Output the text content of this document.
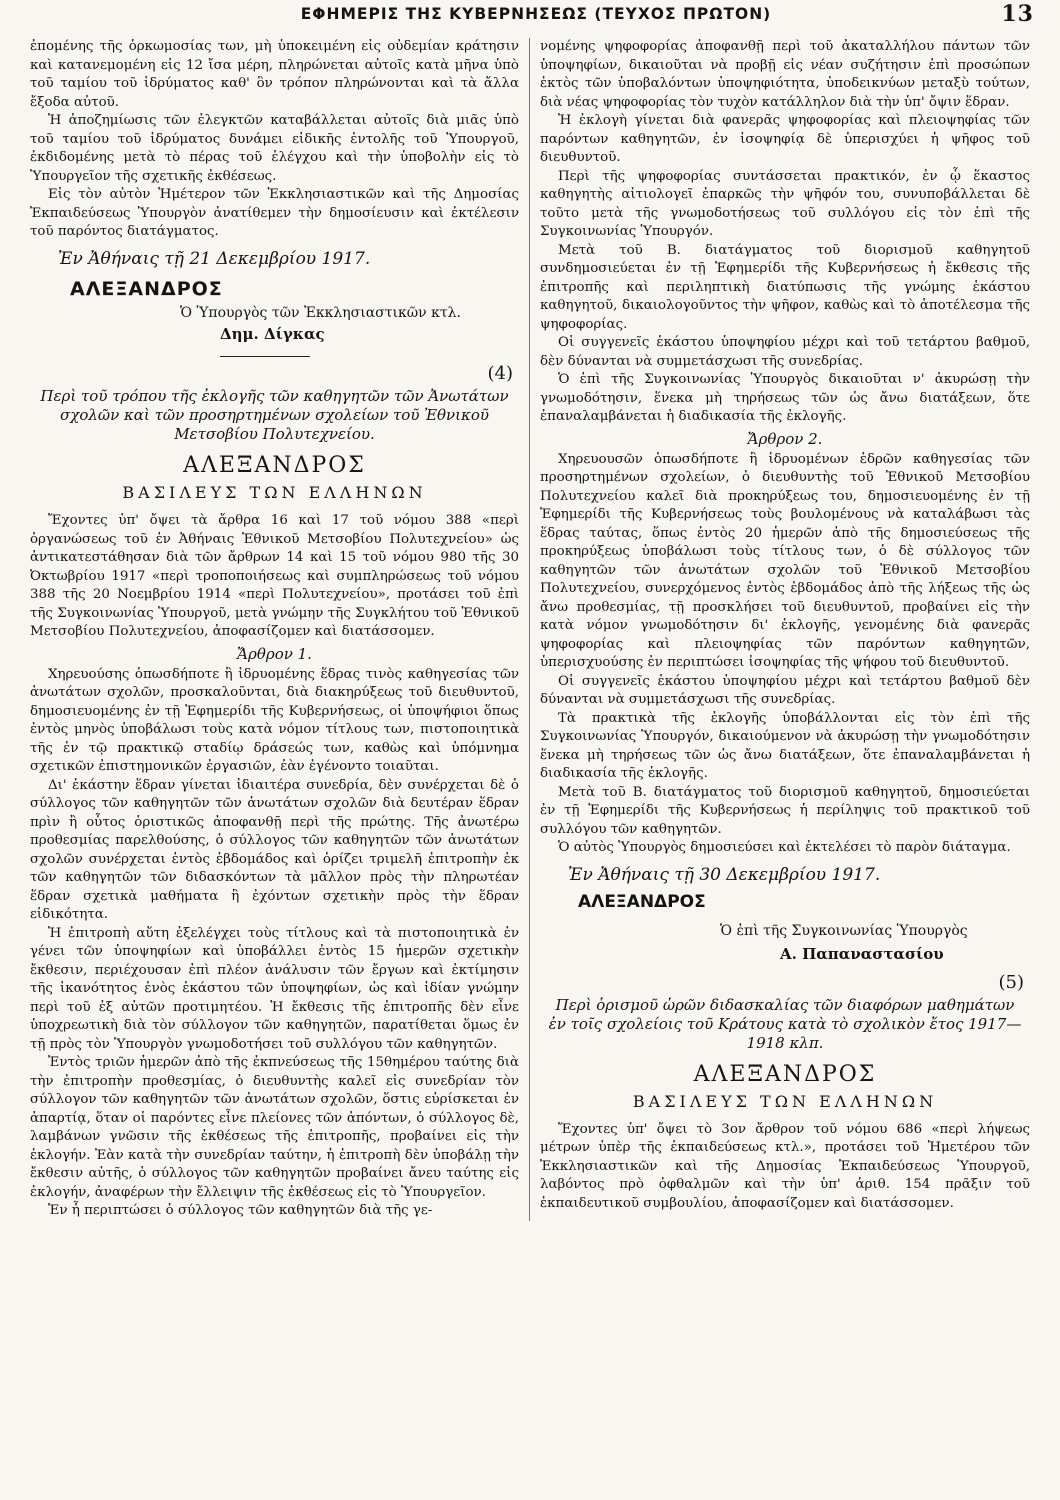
ΕΦΗΜΕΡΙΣ ΤΗΣ ΚΥΒΕΡΝΗΣΕΩΣ (ΤΕΥΧΟΣ ΠΡΩΤΟΝ)	13

ἐπομένης τῆς ὁρκωμοσίας των, μὴ ὑποκειμένη εἰς οὐδεμίαν κράτησιν καὶ κατανεμομένη εἰς 12 ἴσα μέρη, πληρώνεται αὐτοῖς κατὰ μῆνα ὑπὸ τοῦ ταμίου τοῦ ἱδρύματος καθ' ὃν τρόπον πληρώνονται καὶ τὰ ἄλλα ἔξοδα αὐτοῦ.

Ἡ ἀποζημίωσις τῶν ἐλεγκτῶν καταβάλλεται αὐτοῖς διὰ μιᾶς ὑπὸ τοῦ ταμίου τοῦ ἱδρύματος δυνάμει εἰδικῆς ἐντολῆς τοῦ Ὑπουργοῦ, ἐκδιδομένης μετὰ τὸ πέρας τοῦ ἐλέγχου καὶ τὴν ὑποβολὴν εἰς τὸ Ὑπουργεῖον τῆς σχετικῆς ἐκθέσεως.

Εἰς τὸν αὐτὸν Ἡμέτερον τῶν Ἐκκλησιαστικῶν καὶ τῆς Δημοσίας Ἐκπαιδεύσεως Ὑπουργὸν ἀνατίθεμεν τὴν δημοσίευσιν καὶ ἐκτέλεσιν τοῦ παρόντος διατάγματος.

Ἐν Ἀθήναις τῇ 21 Δεκεμβρίου 1917.
ΑΛΕΞΑΝΔΡΟΣ

Ὁ Ὑπουργὸς τῶν Ἐκκλησιαστικῶν κτλ.

Δημ. Δίγκας
(4)

Περὶ τοῦ τρόπου τῆς ἐκλογῆς τῶν καθηγητῶν τῶν Ἀνωτάτων σχολῶν καὶ τῶν προσηρτημένων σχολείων τοῦ Ἐθνικοῦ Μετσοβίου Πολυτεχνείου.

ΑΛΕΞΑΝΔΡΟΣ
ΒΑΣΙΛΕΥΣ ΤΩΝ ΕΛΛΗΝΩΝ

Ἔχοντες ὑπ' ὄψει τὰ ἄρθρα 16 καὶ 17 τοῦ νόμου 388 «περὶ ὀργανώσεως τοῦ ἐν Ἀθήναις Ἐθνικοῦ Μετσοβίου Πολυτεχνείου» ὡς ἀντικατεστάθησαν διὰ τῶν ἄρθρων 14 καὶ 15 τοῦ νόμου 980 τῆς 30 Ὀκτωβρίου 1917 «περὶ τροποποιήσεως καὶ συμπληρώσεως τοῦ νόμου 388 τῆς 20 Νοεμβρίου 1914 «περὶ Πολυτεχνείου», προτάσει τοῦ ἐπὶ τῆς Συγκοινωνίας Ὑπουργοῦ, μετὰ γνώμην τῆς Συγκλήτου τοῦ Ἐθνικοῦ Μετσοβίου Πολυτεχνείου, ἀποφασίζομεν καὶ διατάσσομεν.

Ἄρθρον 1.

Χηρευούσης ὁπωσδήποτε ἢ ἱδρυομένης ἕδρας τινὸς καθηγεσίας τῶν ἀνωτάτων σχολῶν, προσκαλοῦνται, διὰ διακηρύξεως τοῦ διευθυντοῦ, δημοσιευομένης ἐν τῇ Ἐφημερίδι τῆς Κυβερνήσεως, οἱ ὑποψήφιοι ὅπως ἐντὸς μηνὸς ὑποβάλωσι τοὺς κατὰ νόμον τίτλους των, πιστοποιητικὰ τῆς ἐν τῷ πρακτικῷ σταδίῳ δράσεώς των, καθὼς καὶ ὑπόμνημα σχετικῶν ἐπιστημονικῶν ἐργασιῶν, ἐὰν ἐγένοντο τοιαῦται.

Δι' ἑκάστην ἕδραν γίνεται ἰδιαιτέρα συνεδρία, δὲν συνέρχεται δὲ ὁ σύλλογος τῶν καθηγητῶν τῶν ἀνωτάτων σχολῶν διὰ δευτέραν ἕδραν πρὶν ἢ οὗτος ὁριστικῶς ἀποφανθῇ περὶ τῆς πρώτης. Τῆς ἀνωτέρω προθεσμίας παρελθούσης, ὁ σύλλογος τῶν καθηγητῶν τῶν ἀνωτάτων σχολῶν συνέρχεται ἐντὸς ἑβδομάδος καὶ ὁρίζει τριμελῆ ἐπιτροπὴν ἐκ τῶν καθηγητῶν τῶν διδασκόντων τὰ μᾶλλον πρὸς τὴν πληρωτέαν ἕδραν σχετικὰ μαθήματα ἢ ἐχόντων σχετικὴν πρὸς τὴν ἕδραν εἰδικότητα.

Ἡ ἐπιτροπὴ αὕτη ἐξελέγχει τοὺς τίτλους καὶ τὰ πιστοποιητικὰ ἐν γένει τῶν ὑποψηφίων καὶ ὑποβάλλει ἐντὸς 15 ἡμερῶν σχετικὴν ἔκθεσιν, περιέχουσαν ἐπὶ πλέον ἀνάλυσιν τῶν ἔργων καὶ ἐκτίμησιν τῆς ἱκανότητος ἑνὸς ἑκάστου τῶν ὑποψηφίων, ὡς καὶ ἰδίαν γνώμην περὶ τοῦ ἐξ αὐτῶν προτιμητέου. Ἡ ἔκθεσις τῆς ἐπιτροπῆς δὲν εἶνε ὑποχρεωτικὴ διὰ τὸν σύλλογον τῶν καθηγητῶν, παρατίθεται ὅμως ἐν τῇ πρὸς τὸν Ὑπουργὸν γνωμοδοτήσει τοῦ συλλόγου τῶν καθηγητῶν.

Ἐντὸς τριῶν ἡμερῶν ἀπὸ τῆς ἐκπνεύσεως τῆς 15θημέρου ταύτης διὰ τὴν ἐπιτροπὴν προθεσμίας, ὁ διευθυντὴς καλεῖ εἰς συνεδρίαν τὸν σύλλογον τῶν καθηγητῶν τῶν ἀνωτάτων σχολῶν, ὅστις εὑρίσκεται ἐν ἀπαρτίᾳ, ὅταν οἱ παρόντες εἶνε πλείονες τῶν ἀπόντων, ὁ σύλλογος δὲ, λαμβάνων γνῶσιν τῆς ἐκθέσεως τῆς ἐπιτροπῆς, προβαίνει εἰς τὴν ἐκλογήν. Ἐὰν κατὰ τὴν συνεδρίαν ταύτην, ἡ ἐπιτροπὴ δὲν ὑποβάλῃ τὴν ἔκθεσιν αὐτῆς, ὁ σύλλογος τῶν καθηγητῶν προβαίνει ἄνευ ταύτης εἰς ἐκλογήν, ἀναφέρων τὴν ἔλλειψιν τῆς ἐκθέσεως εἰς τὸ Ὑπουργεῖον.

Ἐν ἧ περιπτώσει ὁ σύλλογος τῶν καθηγητῶν διὰ τῆς γε-

νομένης ψηφοφορίας ἀποφανθῇ περὶ τοῦ ἀκαταλλήλου πάντων τῶν ὑποψηφίων, δικαιοῦται νὰ προβῇ εἰς νέαν συζήτησιν ἐπὶ προσώπων ἐκτὸς τῶν ὑποβαλόντων ὑποψηφιότητα, ὑποδεικνύων μεταξὺ τούτων, διὰ νέας ψηφοφορίας τὸν τυχὸν κατάλληλον διὰ τὴν ὑπ' ὄψιν ἕδραν.

Ἡ ἐκλογὴ γίνεται διὰ φανερᾶς ψηφοφορίας καὶ πλειοψηφίας τῶν παρόντων καθηγητῶν, ἐν ἰσοψηφίᾳ δὲ ὑπερισχύει ἡ ψῆφος τοῦ διευθυντοῦ.

Περὶ τῆς ψηφοφορίας συντάσσεται πρακτικόν, ἐν ᾧ ἕκαστος καθηγητὴς αἰτιολογεῖ ἐπαρκῶς τὴν ψῆφόν του, συνυποβάλλεται δὲ τοῦτο μετὰ τῆς γνωμοδοτήσεως τοῦ συλλόγου εἰς τὸν ἐπὶ τῆς Συγκοινωνίας Ὑπουργόν.

Μετὰ τοῦ Β. διατάγματος τοῦ διορισμοῦ καθηγητοῦ συνδημοσιεύεται ἐν τῇ Ἐφημερίδι τῆς Κυβερνήσεως ἡ ἔκθεσις τῆς ἐπιτροπῆς καὶ περιληπτικὴ διατύπωσις τῆς γνώμης ἑκάστου καθηγητοῦ, δικαιολογοῦντος τὴν ψῆφον, καθὼς καὶ τὸ ἀποτέλεσμα τῆς ψηφοφορίας.

Οἱ συγγενεῖς ἑκάστου ὑποψηφίου μέχρι καὶ τοῦ τετάρτου βαθμοῦ, δὲν δύνανται νὰ συμμετάσχωσι τῆς συνεδρίας.

Ὁ ἐπὶ τῆς Συγκοινωνίας Ὑπουργὸς δικαιοῦται ν' ἀκυρώσῃ τὴν γνωμοδότησιν, ἕνεκα μὴ τηρήσεως τῶν ὡς ἄνω διατάξεων, ὅτε ἐπαναλαμβάνεται ἡ διαδικασία τῆς ἐκλογῆς.

Ἄρθρον 2.

Χηρευουσῶν ὁπωσδήποτε ἢ ἱδρυομένων ἑδρῶν καθηγεσίας τῶν προσηρτημένων σχολείων, ὁ διευθυντὴς τοῦ Ἐθνικοῦ Μετσοβίου Πολυτεχνείου καλεῖ διὰ προκηρύξεως του, δημοσιευομένης ἐν τῇ Ἐφημερίδι τῆς Κυβερνήσεως τοὺς βουλομένους νὰ καταλάβωσι τὰς ἕδρας ταύτας, ὅπως ἐντὸς 20 ἡμερῶν ἀπὸ τῆς δημοσιεύσεως τῆς προκηρύξεως ὑποβάλωσι τοὺς τίτλους των, ὁ δὲ σύλλογος τῶν καθηγητῶν τῶν ἀνωτάτων σχολῶν τοῦ Ἐθνικοῦ Μετσοβίου Πολυτεχνείου, συνερχόμενος ἐντὸς ἑβδομάδος ἀπὸ τῆς λήξεως τῆς ὡς ἄνω προθεσμίας, τῇ προσκλήσει τοῦ διευθυντοῦ, προβαίνει εἰς τὴν κατὰ νόμον γνωμοδότησιν δι' ἐκλογῆς, γενομένης διὰ φανερᾶς ψηφοφορίας καὶ πλειοψηφίας τῶν παρόντων καθηγητῶν, ὑπερισχυούσης ἐν περιπτώσει ἰσοψηφίας τῆς ψήφου τοῦ διευθυντοῦ.

Οἱ συγγενεῖς ἑκάστου ὑποψηφίου μέχρι καὶ τετάρτου βαθμοῦ δὲν δύνανται νὰ συμμετάσχωσι τῆς συνεδρίας.

Τὰ πρακτικὰ τῆς ἐκλογῆς ὑποβάλλονται εἰς τὸν ἐπὶ τῆς Συγκοινωνίας Ὑπουργόν, δικαιούμενον νὰ ἀκυρώσῃ τὴν γνωμοδότησιν ἕνεκα μὴ τηρήσεως τῶν ὡς ἄνω διατάξεων, ὅτε ἐπαναλαμβάνεται ἡ διαδικασία τῆς ἐκλογῆς.

Μετὰ τοῦ Β. διατάγματος τοῦ διορισμοῦ καθηγητοῦ, δημοσιεύεται ἐν τῇ Ἐφημερίδι τῆς Κυβερνήσεως ἡ περίληψις τοῦ πρακτικοῦ τοῦ συλλόγου τῶν καθηγητῶν.

Ὁ αὐτὸς Ὑπουργὸς δημοσιεύσει καὶ ἐκτελέσει τὸ παρὸν διάταγμα.

Ἐν Ἀθήναις τῇ 30 Δεκεμβρίου 1917.
ΑΛΕΞΑΝΔΡΟΣ
Ὁ ἐπὶ τῆς Συγκοινωνίας Ὑπουργὸς
Α. Παπαναστασίου
(5)

Περὶ ὁρισμοῦ ὡρῶν διδασκαλίας τῶν διαφόρων μαθημάτων ἐν τοῖς σχολείοις τοῦ Κράτους κατὰ τὸ σχολικὸν ἔτος 1917—1918 κλπ.

ΑΛΕΞΑΝΔΡΟΣ
ΒΑΣΙΛΕΥΣ ΤΩΝ ΕΛΛΗΝΩΝ

Ἔχοντες ὑπ' ὄψει τὸ 3ον ἄρθρον τοῦ νόμου 686 «περὶ λήψεως μέτρων ὑπὲρ τῆς ἐκπαιδεύσεως κτλ.», προτάσει τοῦ Ἡμετέρου τῶν Ἐκκλησιαστικῶν καὶ τῆς Δημοσίας Ἐκπαιδεύσεως Ὑπουργοῦ, λαβόντος πρὸ ὀφθαλμῶν καὶ τὴν ὑπ' ἀριθ. 154 πρᾶξιν τοῦ ἐκπαιδευτικοῦ συμβουλίου, ἀποφασίζομεν καὶ διατάσσομεν.
